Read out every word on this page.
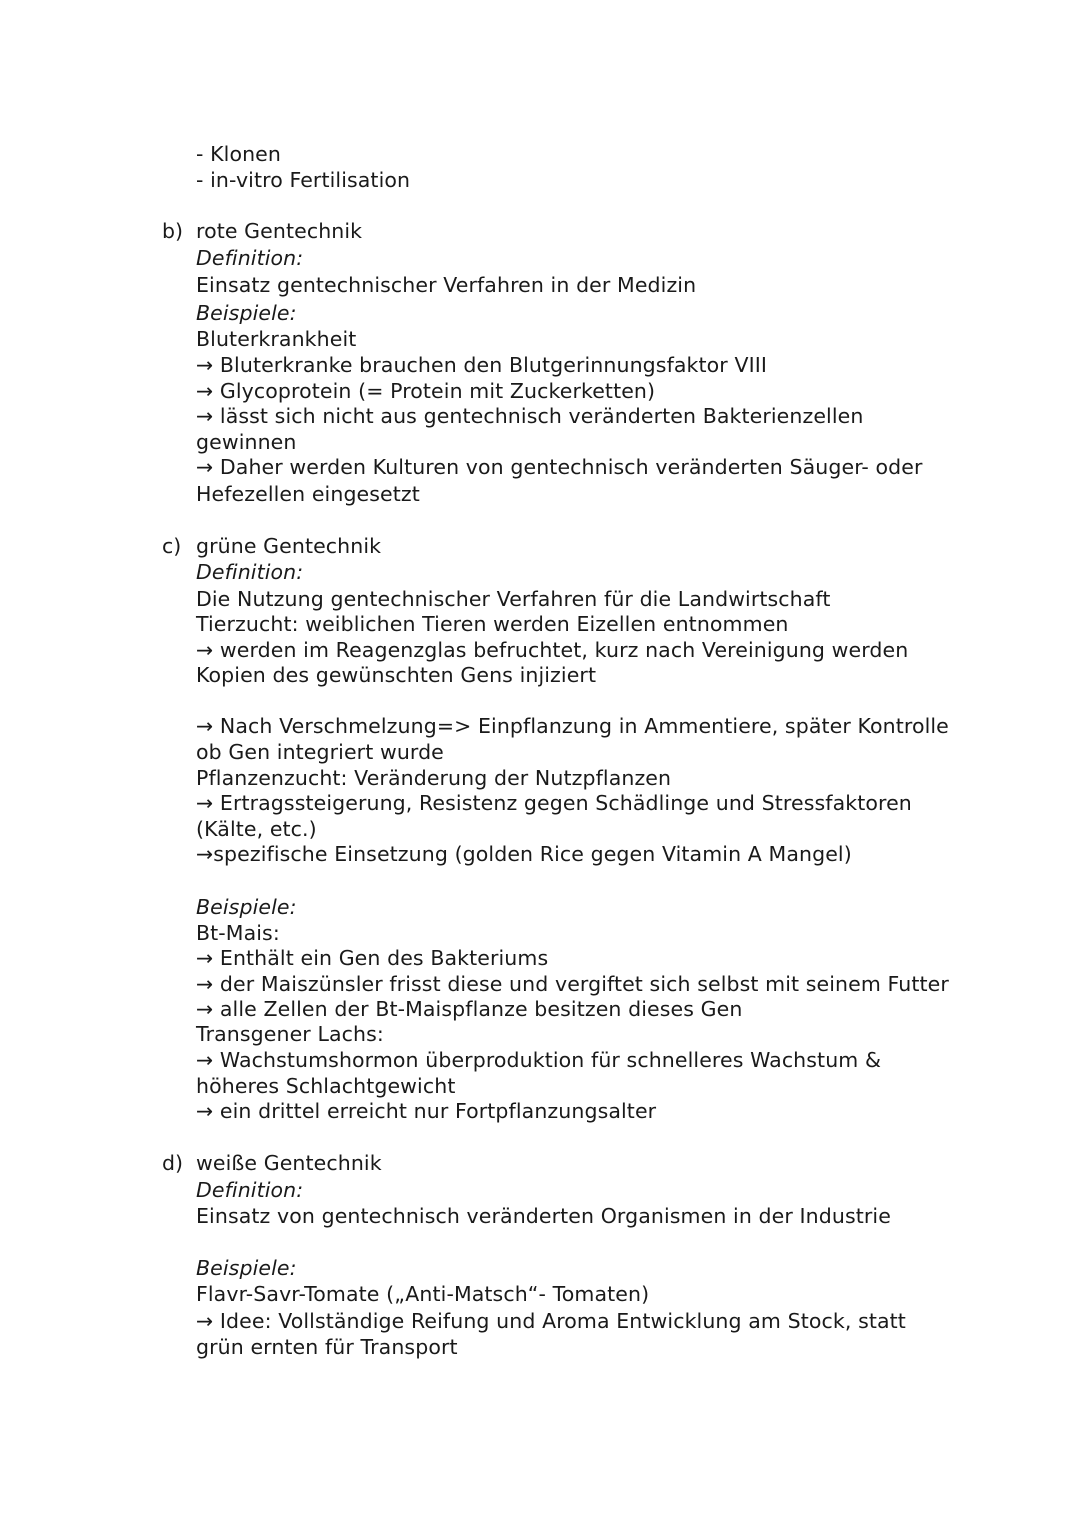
- Klonen
- in-vitro Fertilisation
b) rote Gentechnik
Definition:
Einsatz gentechnischer Verfahren in der Medizin
Beispiele:
Bluterkrankheit
→ Bluterkranke brauchen den Blutgerinnungsfaktor VIII
→ Glycoprotein (= Protein mit Zuckerketten)
→ lässt sich nicht aus gentechnisch veränderten Bakterienzellen
gewinnen
→ Daher werden Kulturen von gentechnisch veränderten Säuger- oder
Hefezellen eingesetzt
c) grüne Gentechnik
Definition:
Die Nutzung gentechnischer Verfahren für die Landwirtschaft
Tierzucht: weiblichen Tieren werden Eizellen entnommen
→ werden im Reagenzglas befruchtet, kurz nach Vereinigung werden
Kopien des gewünschten Gens injiziert
→ Nach Verschmelzung=> Einpflanzung in Ammentiere, später Kontrolle
ob Gen integriert wurde
Pflanzenzucht: Veränderung der Nutzpflanzen
→ Ertragssteigerung, Resistenz gegen Schädlinge und Stressfaktoren
(Kälte, etc.)
→spezifische Einsetzung (golden Rice gegen Vitamin A Mangel)
Beispiele:
Bt-Mais:
→ Enthält ein Gen des Bakteriums
→ der Maiszünsler frisst diese und vergiftet sich selbst mit seinem Futter
→ alle Zellen der Bt-Maispflanze besitzen dieses Gen
Transgener Lachs:
→ Wachstumshormon überproduktion für schnelleres Wachstum &
höheres Schlachtgewicht
→ ein drittel erreicht nur Fortpflanzungsalter
d) weiße Gentechnik
Definition:
Einsatz von gentechnisch veränderten Organismen in der Industrie
Beispiele:
Flavr-Savr-Tomate („Anti-Matsch“- Tomaten)
→ Idee: Vollständige Reifung und Aroma Entwicklung am Stock, statt
grün ernten für Transport
